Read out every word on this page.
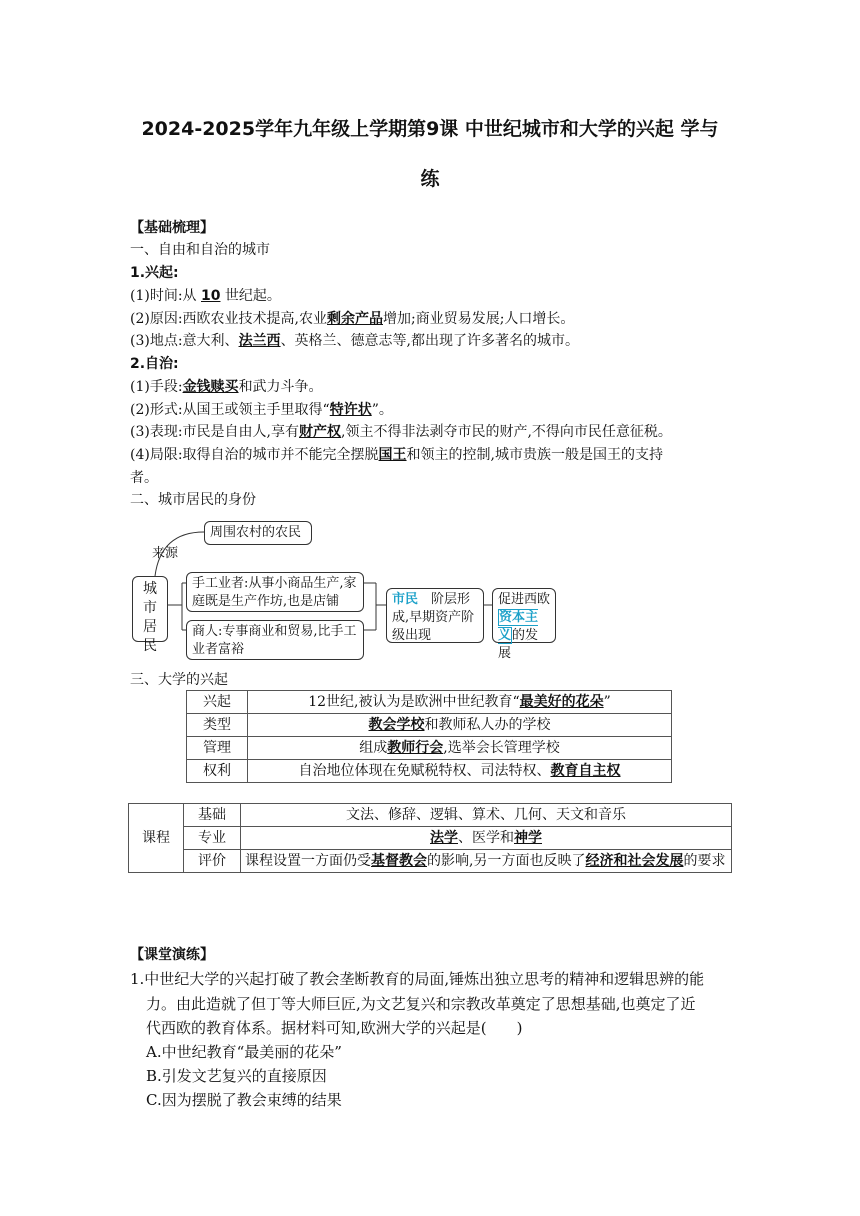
2024-2025学年九年级上学期第9课 中世纪城市和大学的兴起 学与
练
【基础梳理】
一、自由和自治的城市
1.兴起:
(1)时间:从 10 世纪起。
(2)原因:西欧农业技术提高,农业剩余产品增加;商业贸易发展;人口增长。
(3)地点:意大利、法兰西、英格兰、德意志等,都出现了许多著名的城市。
2.自治:
(1)手段:金钱赎买和武力斗争。
(2)形式:从国王或领主手里取得“特许状”。
(3)表现:市民是自由人,享有财产权,领主不得非法剥夺市民的财产,不得向市民任意征税。
(4)局限:取得自治的城市并不能完全摆脱国王和领主的控制,城市贵族一般是国王的支持
者。
二、城市居民的身份
周围农村的农民
来源
城市居民
手工业者:从事小商品生产,家庭既是生产作坊,也是店铺
商人:专事商业和贸易,比手工业者富裕
市民　 阶层形成,早期资产阶级出现
促进西欧资本主义的发展
三、大学的兴起
兴起	12世纪,被认为是欧洲中世纪教育“最美好的花朵”
类型	教会学校和教师私人办的学校
管理	组成教师行会,选举会长管理学校
权利	自治地位体现在免赋税特权、司法特权、教育自主权
课程	基础	文法、修辞、逻辑、算术、几何、天文和音乐
	专业	法学、医学和神学
	评价	课程设置一方面仍受基督教会的影响,另一方面也反映了经济和社会发展的要求
【课堂演练】
1.中世纪大学的兴起打破了教会垄断教育的局面,锤炼出独立思考的精神和逻辑思辨的能
力。由此造就了但丁等大师巨匠,为文艺复兴和宗教改革奠定了思想基础,也奠定了近
代西欧的教育体系。据材料可知,欧洲大学的兴起是(　　)
A.中世纪教育“最美丽的花朵”
B.引发文艺复兴的直接原因
C.因为摆脱了教会束缚的结果
